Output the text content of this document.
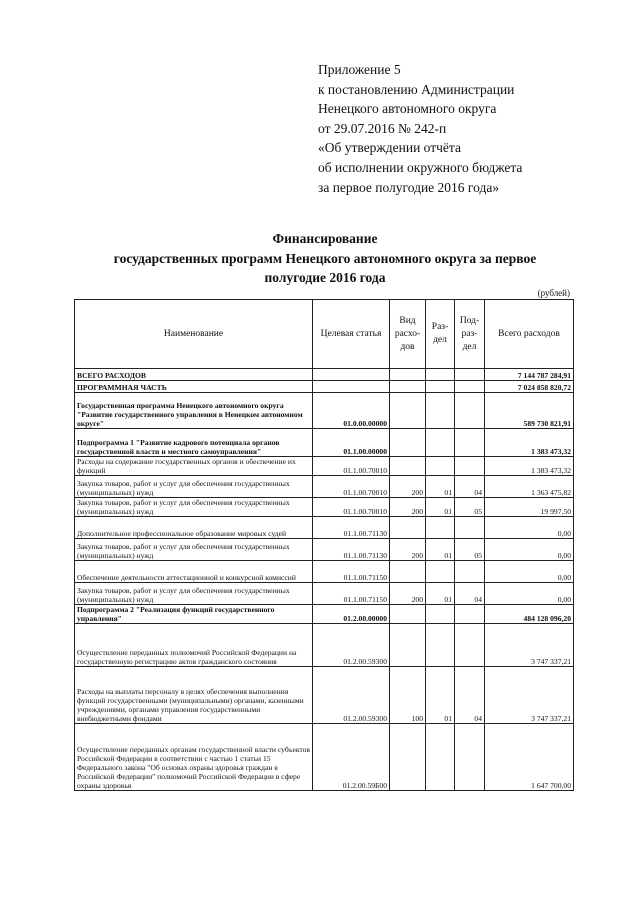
Приложение 5
к постановлению Администрации
Ненецкого автономного округа
от 29.07.2016 № 242-п
«Об утверждении отчёта
об исполнении окружного бюджета
за первое полугодие 2016 года»
Финансирование
государственных программ Ненецкого автономного округа за первое
полугодие 2016 года
(рублей)
Наименование	Целевая статья	Вид расхо-дов	Раз-дел	Под-раз-дел	Всего расходов
ВСЕГО РАСХОДОВ					7 144 787 284,91
ПРОГРАММНАЯ ЧАСТЬ					7 024 858 820,72
Государственная программа Ненецкого автономного округа "Развитие государственного управления в Ненецком автономном округе"	01.0.00.00000				589 730 821,91
Подпрограмма 1 "Развитие кадрового потенциала органов государственной власти и местного самоуправления"	01.1.00.00000				1 383 473,32
Расходы на содержание государственных органов и обеспечение их функций	01.1.00.70010				1 383 473,32
Закупка товаров, работ и услуг для обеспечения государственных (муниципальных) нужд	01.1.00.70010	200	01	04	1 363 475,82
Закупка товаров, работ и услуг для обеспечения государственных (муниципальных) нужд	01.1.00.70010	200	01	05	19 997,50
Дополнительное профессиональное образование мировых судей	01.1.00.71130				0,00
Закупка товаров, работ и услуг для обеспечения государственных (муниципальных) нужд	01.1.00.71130	200	01	05	0,00
Обеспечение деятельности аттестационной и конкурсной комиссий	01.1.00.71150				0,00
Закупка товаров, работ и услуг для обеспечения государственных (муниципальных) нужд	01.1.00.71150	200	01	04	0,00
Подпрограмма 2 "Реализация функций государственного управления"	01.2.00.00000				484 128 096,20
Осуществление переданных полномочий Российской Федерации на государственную регистрацию актов гражданского состояния	01.2.00.59300				3 747 337,21
Расходы на выплаты персоналу в целях обеспечения выполнения функций государственными (муниципальными) органами, казенными учреждениями, органами управления государственными внебюджетными фондами	01.2.00.59300	100	01	04	3 747 337,21
Осуществление переданных органам государственной власти субъектов Российской Федерации в соответствии с частью 1 статьи 15 Федерального закона "Об основах охраны здоровья граждан в Российской Федерации" полномочий Российской Федерации в сфере охраны здоровья	01.2.00.59Б00				1 647 700,00
